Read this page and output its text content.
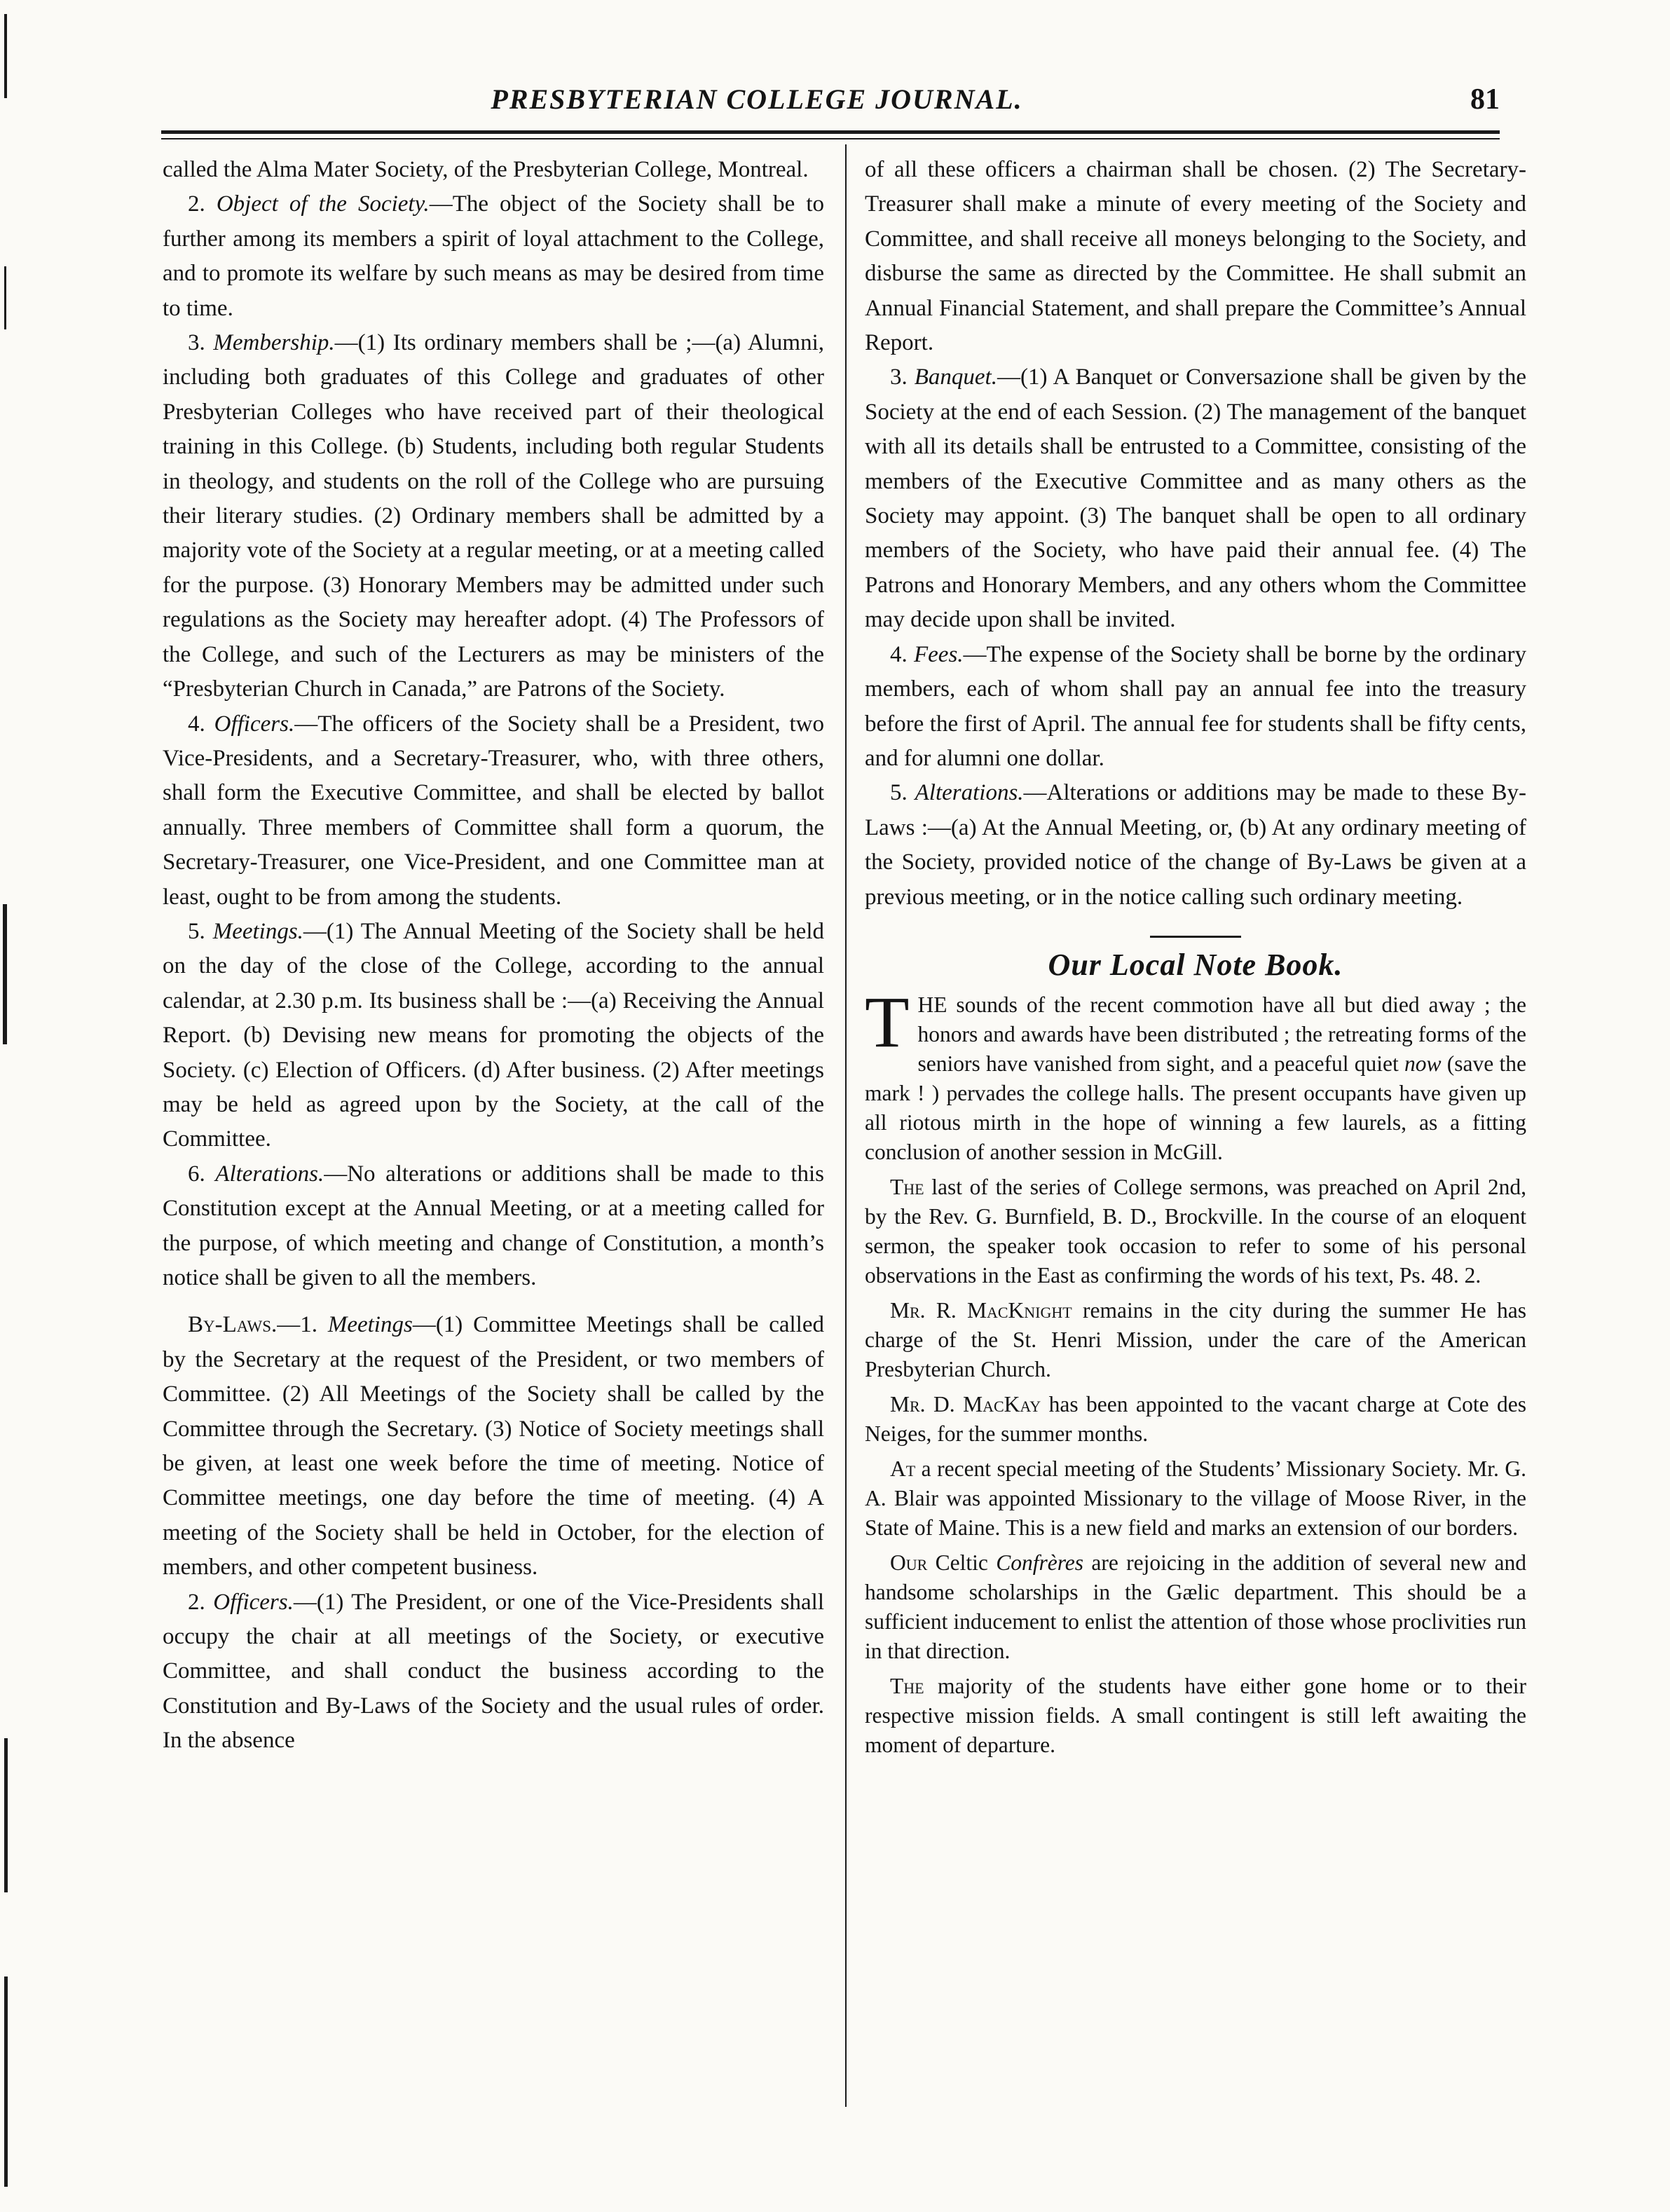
PRESBYTERIAN COLLEGE JOURNAL.	81

called the Alma Mater Society, of the Presbyterian College, Montreal.

2. Object of the Society.—The object of the Society shall be to further among its members a spirit of loyal attachment to the College, and to promote its welfare by such means as may be desired from time to time.

3. Membership.—(1) Its ordinary members shall be ;—(a) Alumni, including both graduates of this College and graduates of other Presbyterian Colleges who have received part of their theological training in this College. (b) Students, including both regular Students in theology, and students on the roll of the College who are pursuing their literary studies. (2) Ordinary members shall be admitted by a majority vote of the Society at a regular meeting, or at a meeting called for the purpose. (3) Honorary Members may be admitted under such regulations as the Society may hereafter adopt. (4) The Professors of the College, and such of the Lecturers as may be ministers of the “Presbyterian Church in Canada,” are Patrons of the Society.

4. Officers.—The officers of the Society shall be a President, two Vice-Presidents, and a Secretary-Treasurer, who, with three others, shall form the Executive Committee, and shall be elected by ballot annually. Three members of Committee shall form a quorum, the Secretary-Treasurer, one Vice-President, and one Committee man at least, ought to be from among the students.

5. Meetings.—(1) The Annual Meeting of the Society shall be held on the day of the close of the College, according to the annual calendar, at 2.30 p.m. Its business shall be :—(a) Receiving the Annual Report. (b) Devising new means for promoting the objects of the Society. (c) Election of Officers. (d) After business. (2) After meetings may be held as agreed upon by the Society, at the call of the Committee.

6. Alterations.—No alterations or additions shall be made to this Constitution except at the Annual Meeting, or at a meeting called for the purpose, of which meeting and change of Constitution, a month’s notice shall be given to all the members.

By-Laws.—1. Meetings—(1) Committee Meetings shall be called by the Secretary at the request of the President, or two members of Committee. (2) All Meetings of the Society shall be called by the Committee through the Secretary. (3) Notice of Society meetings shall be given, at least one week before the time of meeting. Notice of Committee meetings, one day before the time of meeting. (4) A meeting of the Society shall be held in October, for the election of members, and other competent business.

2. Officers.—(1) The President, or one of the Vice-Presidents shall occupy the chair at all meetings of the Society, or executive Committee, and shall conduct the business according to the Constitution and By-Laws of the Society and the usual rules of order. In the absence

of all these officers a chairman shall be chosen. (2) The Secretary-Treasurer shall make a minute of every meeting of the Society and Committee, and shall receive all moneys belonging to the Society, and disburse the same as directed by the Committee. He shall submit an Annual Financial Statement, and shall prepare the Committee’s Annual Report.

3. Banquet.—(1) A Banquet or Conversazione shall be given by the Society at the end of each Session. (2) The management of the banquet with all its details shall be entrusted to a Committee, consisting of the members of the Executive Committee and as many others as the Society may appoint. (3) The banquet shall be open to all ordinary members of the Society, who have paid their annual fee. (4) The Patrons and Honorary Members, and any others whom the Committee may decide upon shall be invited.

4. Fees.—The expense of the Society shall be borne by the ordinary members, each of whom shall pay an annual fee into the treasury before the first of April. The annual fee for students shall be fifty cents, and for alumni one dollar.

5. Alterations.—Alterations or additions may be made to these By-Laws :—(a) At the Annual Meeting, or, (b) At any ordinary meeting of the Society, provided notice of the change of By-Laws be given at a previous meeting, or in the notice calling such ordinary meeting.

Our Local Note Book.

THE sounds of the recent commotion have all but died away ; the honors and awards have been distributed ; the retreating forms of the seniors have vanished from sight, and a peaceful quiet now (save the mark ! ) pervades the college halls. The present occupants have given up all riotous mirth in the hope of winning a few laurels, as a fitting conclusion of another session in McGill.

The last of the series of College sermons, was preached on April 2nd, by the Rev. G. Burnfield, B. D., Brockville. In the course of an eloquent sermon, the speaker took occasion to refer to some of his personal observations in the East as confirming the words of his text, Ps. 48. 2.

Mr. R. MacKnight remains in the city during the summer He has charge of the St. Henri Mission, under the care of the American Presbyterian Church.

Mr. D. MacKay has been appointed to the vacant charge at Cote des Neiges, for the summer months.

At a recent special meeting of the Students’ Missionary Society. Mr. G. A. Blair was appointed Missionary to the village of Moose River, in the State of Maine. This is a new field and marks an extension of our borders.

Our Celtic Confrères are rejoicing in the addition of several new and handsome scholarships in the Gælic department. This should be a sufficient inducement to enlist the attention of those whose proclivities run in that direction.

The majority of the students have either gone home or to their respective mission fields. A small contingent is still left awaiting the moment of departure.
